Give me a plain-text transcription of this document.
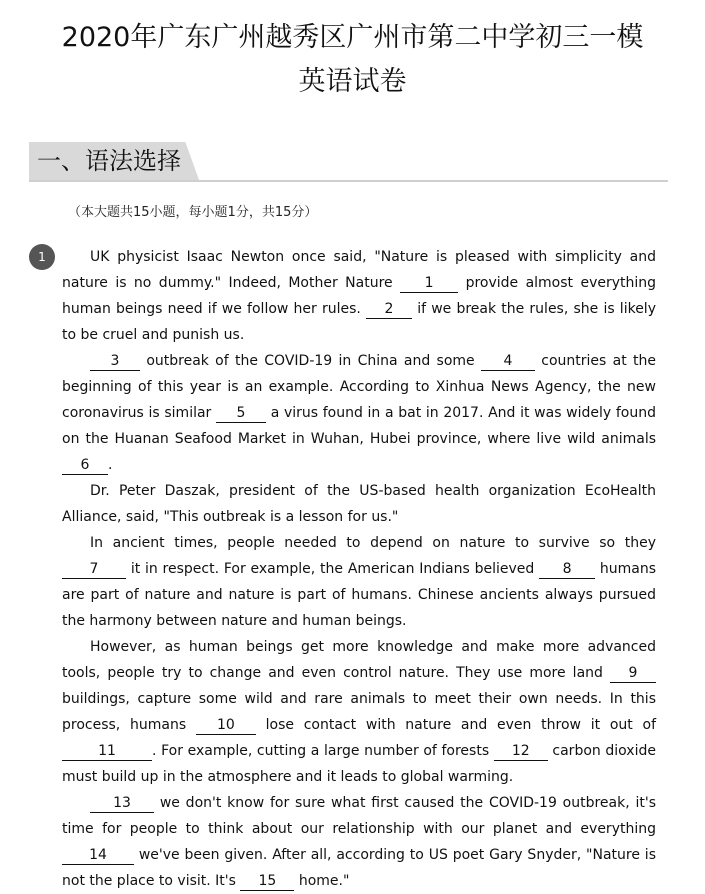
2020年广东广州越秀区广州市第二中学初三一模
英语试卷
一、语法选择
（本大题共15小题，每小题1分，共15分）
1	UK physicist Isaac Newton once said, "Nature is pleased with simplicity and nature is no dummy." Indeed, Mother Nature 1 provide almost everything human beings need if we follow her rules. 2 if we break the rules, she is likely to be cruel and punish us.

3 outbreak of the COVID-19 in China and some 4 countries at the beginning of this year is an example. According to Xinhua News Agency, the new coronavirus is similar 5 a virus found in a bat in 2017. And it was widely found on the Huanan Seafood Market in Wuhan, Hubei province, where live wild animals 6 .

Dr. Peter Daszak, president of the US-based health organization EcoHealth Alliance, said, "This outbreak is a lesson for us."

In ancient times, people needed to depend on nature to survive so they 7 it in respect. For example, the American Indians believed 8 humans are part of nature and nature is part of humans. Chinese ancients always pursued the harmony between nature and human beings.

However, as human beings get more knowledge and make more advanced tools, people try to change and even control nature. They use more land 9 buildings, capture some wild and rare animals to meet their own needs. In this process, humans 10 lose contact with nature and even throw it out of 11	. For example, cutting a large number of forests 12 carbon dioxide must build up in the atmosphere and it leads to global warming.

13 we don't know for sure what first caused the COVID-19 outbreak, it's time for people to think about our relationship with our planet and everything 14 we've been given. After all, according to US poet Gary Snyder, "Nature is not the place to visit. It's 15 home."
